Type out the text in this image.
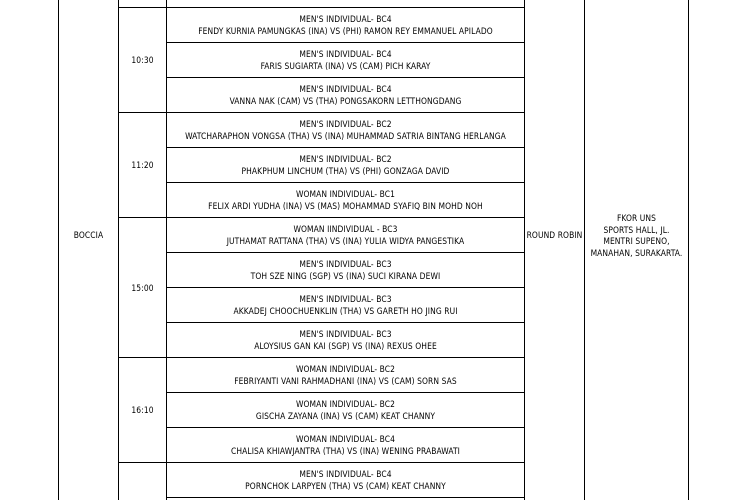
BOCCIA	ROUND ROBIN
FKOR UNS
SPORTS HALL, JL.
MENTRI SUPENO,
MANAHAN, SURAKARTA.
10:30
11:20
15:00
16:10
MEN'S INDIVIDUAL- BC4
FENDY KURNIA PAMUNGKAS (INA) VS (PHI) RAMON REY EMMANUEL APILADO
MEN'S INDIVIDUAL- BC4
FARIS SUGIARTA (INA) VS (CAM) PICH KARAY
MEN'S INDIVIDUAL- BC4
VANNA NAK (CAM) VS (THA) PONGSAKORN LETTHONGDANG
MEN'S INDIVIDUAL- BC2
WATCHARAPHON VONGSA (THA) VS (INA) MUHAMMAD SATRIA BINTANG HERLANGA
MEN'S INDIVIDUAL- BC2
PHAKPHUM LINCHUM (THA) VS (PHI) GONZAGA DAVID
WOMAN INDIVIDUAL- BC1
FELIX ARDI YUDHA (INA) VS (MAS) MOHAMMAD SYAFIQ BIN MOHD NOH
WOMAN IINDIVIDUAL - BC3
JUTHAMAT RATTANA (THA) VS (INA) YULIA WIDYA PANGESTIKA
MEN'S INDIVIDUAL- BC3
TOH SZE NING (SGP) VS (INA) SUCI KIRANA DEWI
MEN'S INDIVIDUAL- BC3
AKKADEJ CHOOCHUENKLIN (THA) VS GARETH HO JING RUI
MEN'S INDIVIDUAL- BC3
ALOYSIUS GAN KAI (SGP) VS (INA) REXUS OHEE
WOMAN INDIVIDUAL- BC2
FEBRIYANTI VANI RAHMADHANI (INA) VS (CAM) SORN SAS
WOMAN INDIVIDUAL- BC2
GISCHA ZAYANA (INA) VS (CAM) KEAT CHANNY
WOMAN INDIVIDUAL- BC4
CHALISA KHIAWJANTRA (THA) VS (INA) WENING PRABAWATI
MEN'S INDIVIDUAL- BC4
PORNCHOK LARPYEN (THA) VS (CAM) KEAT CHANNY
